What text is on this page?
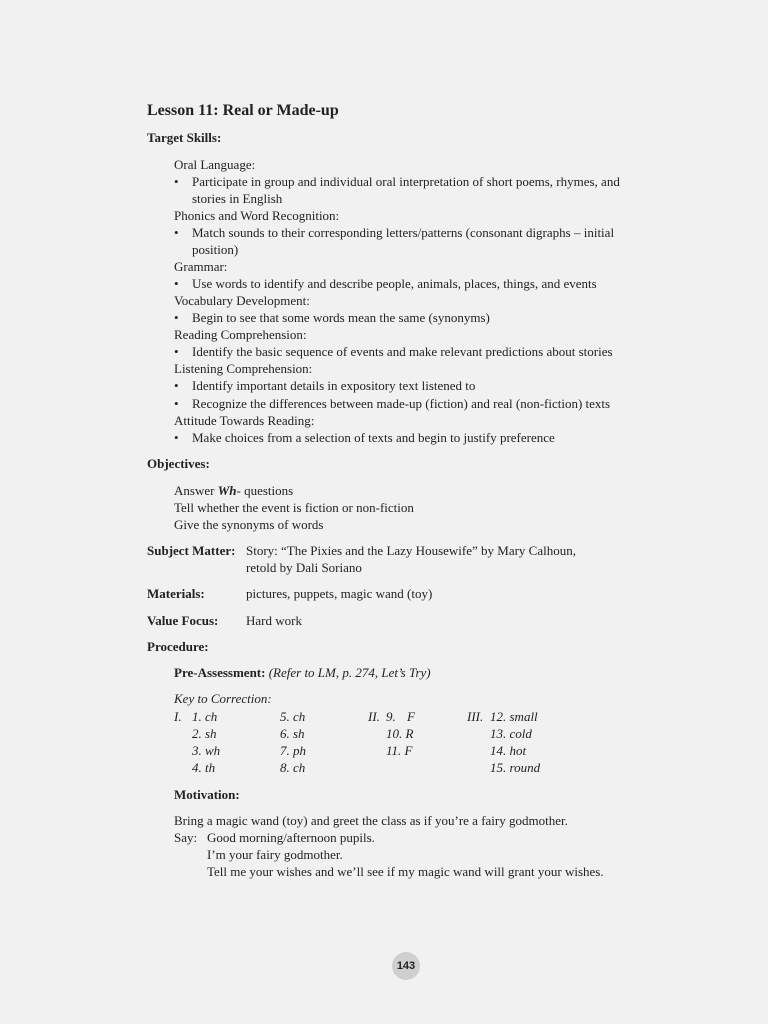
Lesson 11: Real or Made-up
Target Skills:
Oral Language:
• Participate in group and individual oral interpretation of short poems, rhymes, and
stories in English
Phonics and Word Recognition:
• Match sounds to their corresponding letters/patterns (consonant digraphs – initial
position)
Grammar:
• Use words to identify and describe people, animals, places, things, and events
Vocabulary Development:
• Begin to see that some words mean the same (synonyms)
Reading Comprehension:
• Identify the basic sequence of events and make relevant predictions about stories
Listening Comprehension:
• Identify important details in expository text listened to
• Recognize the differences between made-up (fiction) and real (non-fiction) texts
Attitude Towards Reading:
• Make choices from a selection of texts and begin to justify preference
Objectives:
Answer Wh- questions
Tell whether the event is fiction or non-fiction
Give the synonyms of words
Subject Matter: Story: “The Pixies and the Lazy Housewife” by Mary Calhoun,
retold by Dali Soriano
Materials:	pictures, puppets, magic wand (toy)
Value Focus: Hard work
Procedure:
Pre-Assessment: (Refer to LM, p. 274, Let’s Try)
Key to Correction:
I. 1. ch
2. sh
3. wh
4. th
5. ch
6. sh
7. ph
8. ch
II. 9. F
10. R
11. F
III. 12. small
13. cold
14. hot
15. round
Motivation:
Bring a magic wand (toy) and greet the class as if you’re a fairy godmother.
Say: Good morning/afternoon pupils.
I’m your fairy godmother.
Tell me your wishes and we’ll see if my magic wand will grant your wishes.
143
